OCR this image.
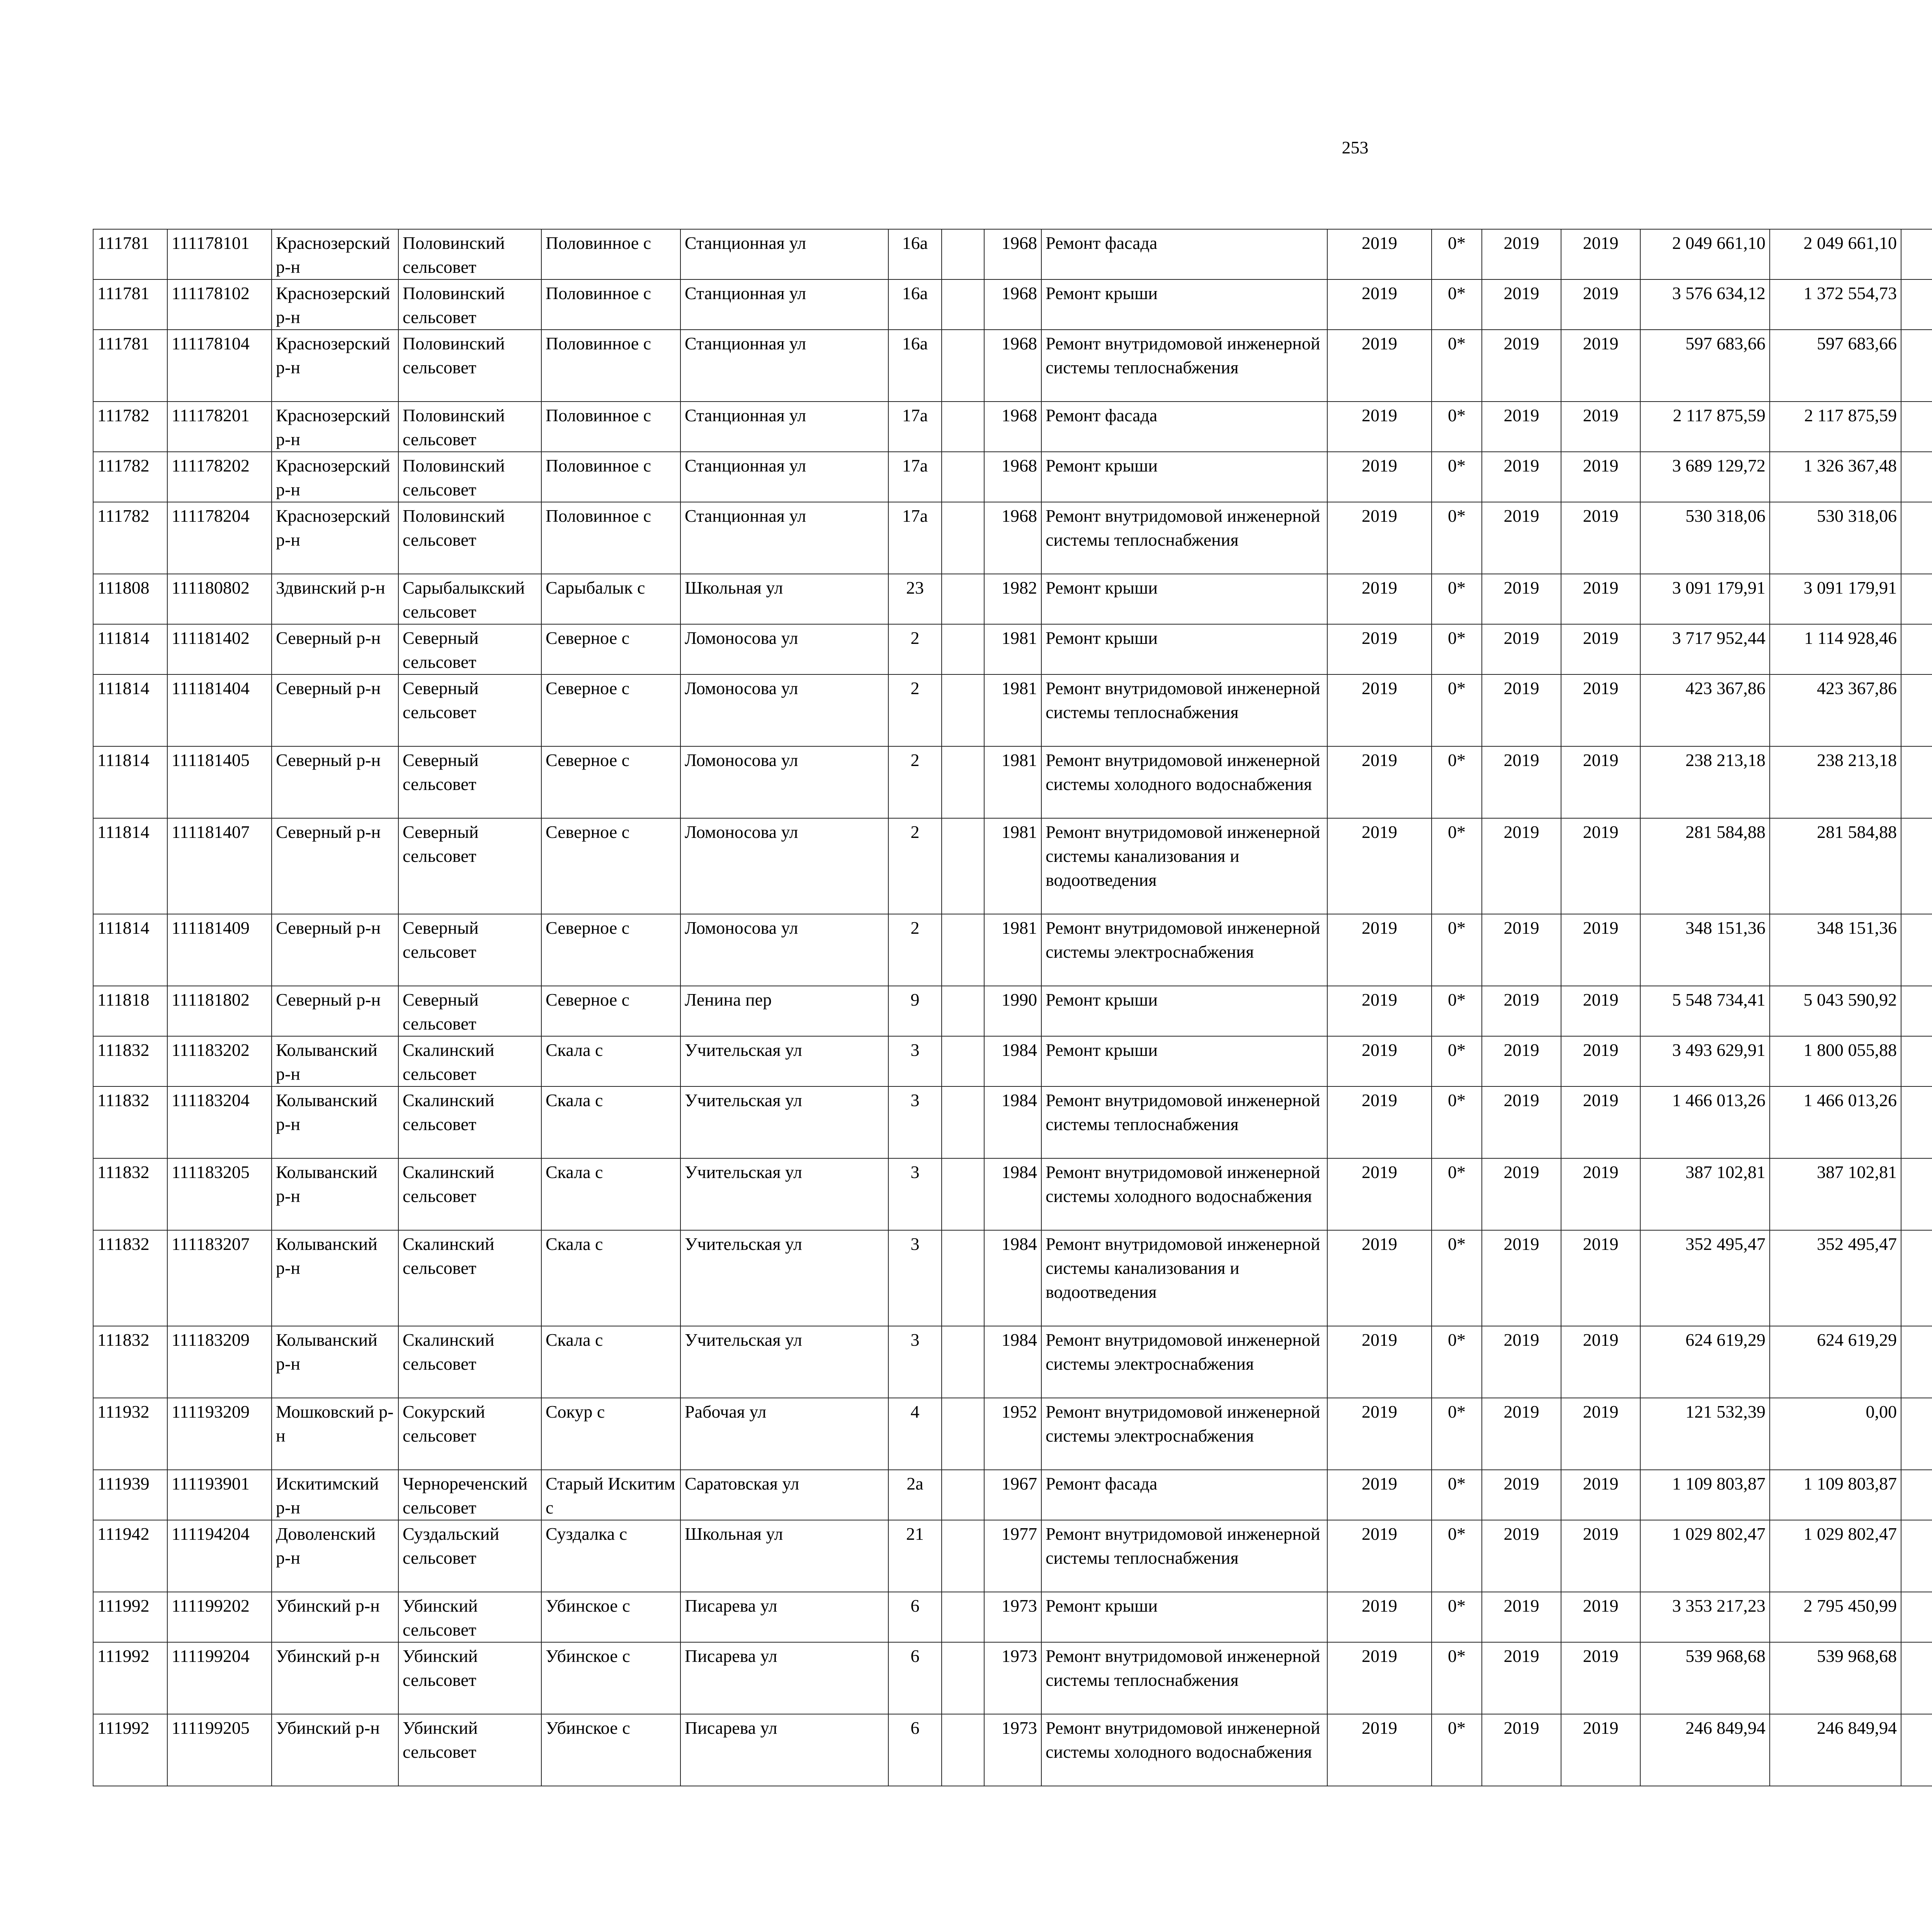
253
111781	111178101	Краснозерский р-н	Половинский сельсовет	Половинное с	Станционная ул	16а		1968	Ремонт фасада	2019	0*	2019	2019	2 049 661,10	2 049 661,10						
111781	111178102	Краснозерский р-н	Половинский сельсовет	Половинное с	Станционная ул	16а		1968	Ремонт крыши	2019	0*	2019	2019	3 576 634,12	1 372 554,73						
111781	111178104	Краснозерский р-н	Половинский сельсовет	Половинное с	Станционная ул	16а		1968	Ремонт внутридомовой инженерной системы теплоснабжения	2019	0*	2019	2019	597 683,66	597 683,66						
111782	111178201	Краснозерский р-н	Половинский сельсовет	Половинное с	Станционная ул	17а		1968	Ремонт фасада	2019	0*	2019	2019	2 117 875,59	2 117 875,59						
111782	111178202	Краснозерский р-н	Половинский сельсовет	Половинное с	Станционная ул	17а		1968	Ремонт крыши	2019	0*	2019	2019	3 689 129,72	1 326 367,48						
111782	111178204	Краснозерский р-н	Половинский сельсовет	Половинное с	Станционная ул	17а		1968	Ремонт внутридомовой инженерной системы теплоснабжения	2019	0*	2019	2019	530 318,06	530 318,06						
111808	111180802	Здвинский р-н	Сарыбалыкский сельсовет	Сарыбалык с	Школьная ул	23		1982	Ремонт крыши	2019	0*	2019	2019	3 091 179,91	3 091 179,91						
111814	111181402	Северный р-н	Северный сельсовет	Северное с	Ломоносова ул	2		1981	Ремонт крыши	2019	0*	2019	2019	3 717 952,44	1 114 928,46						
111814	111181404	Северный р-н	Северный сельсовет	Северное с	Ломоносова ул	2		1981	Ремонт внутридомовой инженерной системы теплоснабжения	2019	0*	2019	2019	423 367,86	423 367,86						
111814	111181405	Северный р-н	Северный сельсовет	Северное с	Ломоносова ул	2		1981	Ремонт внутридомовой инженерной системы холодного водоснабжения	2019	0*	2019	2019	238 213,18	238 213,18						
111814	111181407	Северный р-н	Северный сельсовет	Северное с	Ломоносова ул	2		1981	Ремонт внутридомовой инженерной системы канализования и водоотведения	2019	0*	2019	2019	281 584,88	281 584,88						
111814	111181409	Северный р-н	Северный сельсовет	Северное с	Ломоносова ул	2		1981	Ремонт внутридомовой инженерной системы электроснабжения	2019	0*	2019	2019	348 151,36	348 151,36						
111818	111181802	Северный р-н	Северный сельсовет	Северное с	Ленина пер	9		1990	Ремонт крыши	2019	0*	2019	2019	5 548 734,41	5 043 590,92						
111832	111183202	Колыванский р-н	Скалинский сельсовет	Скала с	Учительская ул	3		1984	Ремонт крыши	2019	0*	2019	2019	3 493 629,91	1 800 055,88						
111832	111183204	Колыванский р-н	Скалинский сельсовет	Скала с	Учительская ул	3		1984	Ремонт внутридомовой инженерной системы теплоснабжения	2019	0*	2019	2019	1 466 013,26	1 466 013,26						
111832	111183205	Колыванский р-н	Скалинский сельсовет	Скала с	Учительская ул	3		1984	Ремонт внутридомовой инженерной системы холодного водоснабжения	2019	0*	2019	2019	387 102,81	387 102,81						
111832	111183207	Колыванский р-н	Скалинский сельсовет	Скала с	Учительская ул	3		1984	Ремонт внутридомовой инженерной системы канализования и водоотведения	2019	0*	2019	2019	352 495,47	352 495,47						
111832	111183209	Колыванский р-н	Скалинский сельсовет	Скала с	Учительская ул	3		1984	Ремонт внутридомовой инженерной системы электроснабжения	2019	0*	2019	2019	624 619,29	624 619,29						
111932	111193209	Мошковский р-н	Сокурский сельсовет	Сокур с	Рабочая ул	4		1952	Ремонт внутридомовой инженерной системы электроснабжения	2019	0*	2019	2019	121 532,39	0,00						
111939	111193901	Искитимский р-н	Чернореченский сельсовет	Старый Искитим с	Саратовская ул	2а		1967	Ремонт фасада	2019	0*	2019	2019	1 109 803,87	1 109 803,87						
111942	111194204	Доволенский р-н	Суздальский сельсовет	Суздалка с	Школьная ул	21		1977	Ремонт внутридомовой инженерной системы теплоснабжения	2019	0*	2019	2019	1 029 802,47	1 029 802,47						
111992	111199202	Убинский р-н	Убинский сельсовет	Убинское с	Писарева ул	6		1973	Ремонт крыши	2019	0*	2019	2019	3 353 217,23	2 795 450,99						
111992	111199204	Убинский р-н	Убинский сельсовет	Убинское с	Писарева ул	6		1973	Ремонт внутридомовой инженерной системы теплоснабжения	2019	0*	2019	2019	539 968,68	539 968,68						
111992	111199205	Убинский р-н	Убинский сельсовет	Убинское с	Писарева ул	6		1973	Ремонт внутридомовой инженерной системы холодного водоснабжения	2019	0*	2019	2019	246 849,94	246 849,94						
